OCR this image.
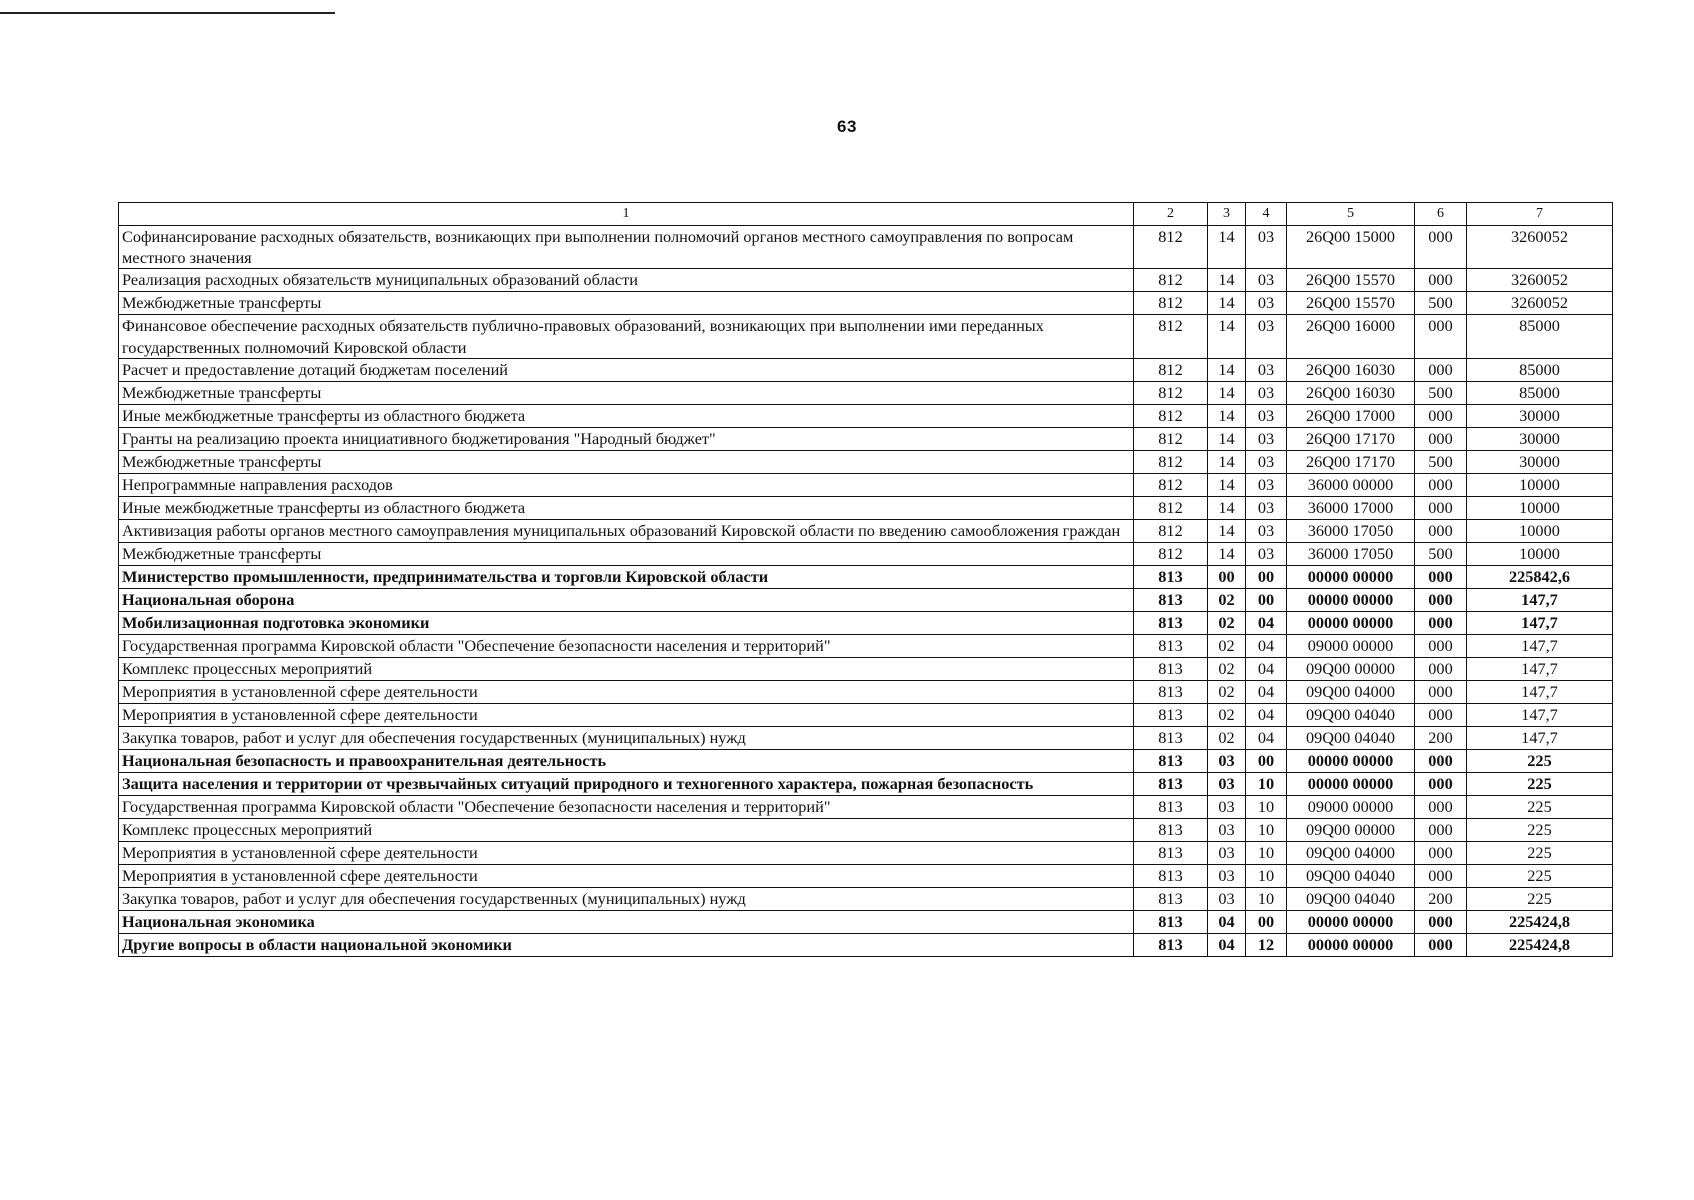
63
1	2	3	4	5	6	7
Софинансирование расходных обязательств, возникающих при выполнении полномочий органов местного самоуправления по вопросам местного значения	812	14	03	26Q00 15000	000	3260052
Реализация расходных обязательств муниципальных образований области	812	14	03	26Q00 15570	000	3260052
Межбюджетные трансферты	812	14	03	26Q00 15570	500	3260052
Финансовое обеспечение расходных обязательств публично-правовых образований, возникающих при выполнении ими переданных государственных полномочий Кировской области	812	14	03	26Q00 16000	000	85000
Расчет и предоставление дотаций бюджетам поселений	812	14	03	26Q00 16030	000	85000
Межбюджетные трансферты	812	14	03	26Q00 16030	500	85000
Иные межбюджетные трансферты из областного бюджета	812	14	03	26Q00 17000	000	30000
Гранты на реализацию проекта инициативного бюджетирования "Народный бюджет"	812	14	03	26Q00 17170	000	30000
Межбюджетные трансферты	812	14	03	26Q00 17170	500	30000
Непрограммные направления расходов	812	14	03	36000 00000	000	10000
Иные межбюджетные трансферты из областного бюджета	812	14	03	36000 17000	000	10000
Активизация работы органов местного самоуправления муниципальных образований Кировской области по введению самообложения граждан	812	14	03	36000 17050	000	10000
Межбюджетные трансферты	812	14	03	36000 17050	500	10000
Министерство промышленности, предпринимательства и торговли Кировской области	813	00	00	00000 00000	000	225842,6
Национальная оборона	813	02	00	00000 00000	000	147,7
Мобилизационная подготовка экономики	813	02	04	00000 00000	000	147,7
Государственная программа Кировской области "Обеспечение безопасности населения и территорий"	813	02	04	09000 00000	000	147,7
Комплекс процессных мероприятий	813	02	04	09Q00 00000	000	147,7
Мероприятия в установленной сфере деятельности	813	02	04	09Q00 04000	000	147,7
Мероприятия в установленной сфере деятельности	813	02	04	09Q00 04040	000	147,7
Закупка товаров, работ и услуг для обеспечения государственных (муниципальных) нужд	813	02	04	09Q00 04040	200	147,7
Национальная безопасность и правоохранительная деятельность	813	03	00	00000 00000	000	225
Защита населения и территории от чрезвычайных ситуаций природного и техногенного характера, пожарная безопасность	813	03	10	00000 00000	000	225
Государственная программа Кировской области "Обеспечение безопасности населения и территорий"	813	03	10	09000 00000	000	225
Комплекс процессных мероприятий	813	03	10	09Q00 00000	000	225
Мероприятия в установленной сфере деятельности	813	03	10	09Q00 04000	000	225
Мероприятия в установленной сфере деятельности	813	03	10	09Q00 04040	000	225
Закупка товаров, работ и услуг для обеспечения государственных (муниципальных) нужд	813	03	10	09Q00 04040	200	225
Национальная экономика	813	04	00	00000 00000	000	225424,8
Другие вопросы в области национальной экономики	813	04	12	00000 00000	000	225424,8
